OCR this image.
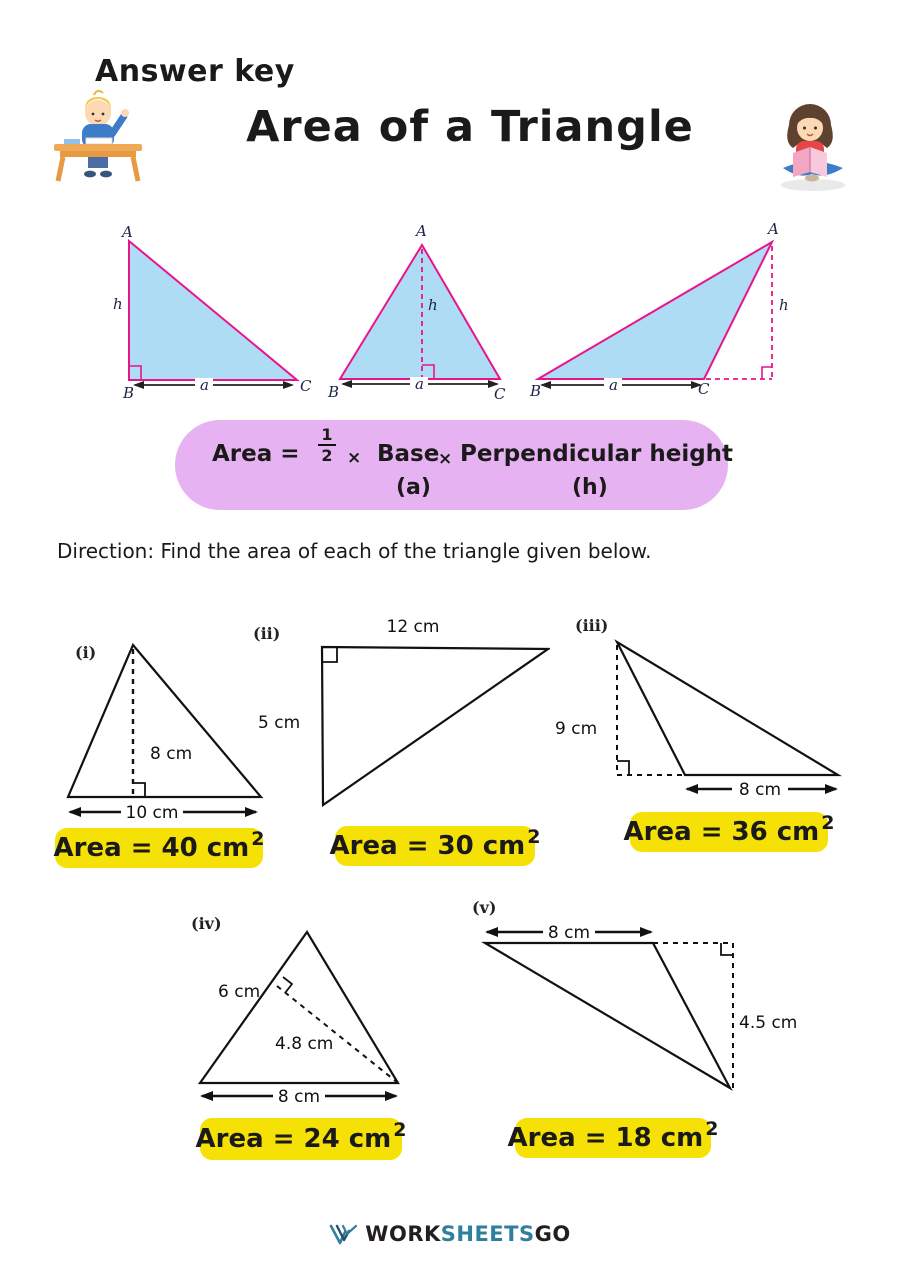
Answer key
Area of a Triangle
a
A
B	C
h
a
A
B	C
h
a
A
B	C
h
Area =
1
2 × Base
× Perpendicular height
(a)	(h)
Direction: Find the area of each of the triangle given below.
(i)
8 cm
10 cm
Area = 40 cm 2
(ii)	12 cm
5 cm
Area = 30 cm 2
(iii)
9 cm
8 cm
Area = 36 cm 2
(iv)
6 cm
4.8 cm
8 cm
Area = 24 cm 2
(v)
8 cm
4.5 cm
Area = 18 cm 2
WORKSHEETSGO
